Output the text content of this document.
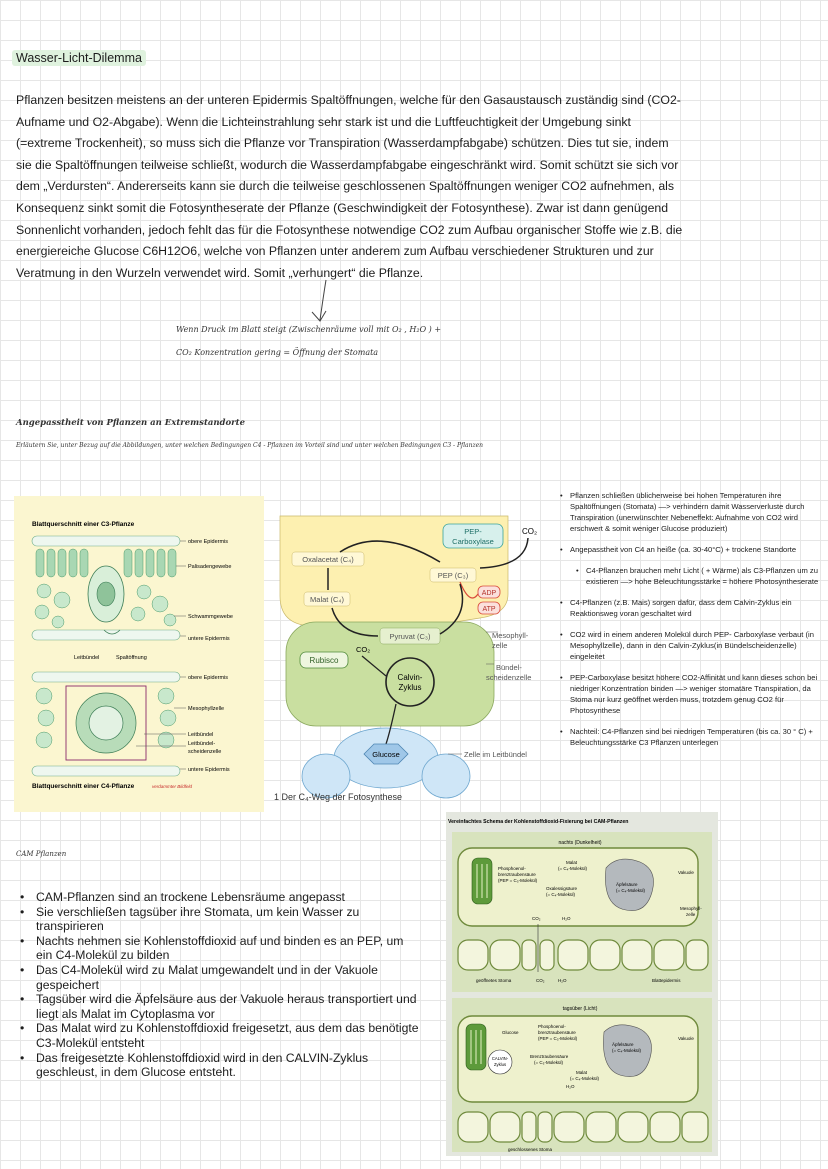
Wasser-Licht-Dilemma
Pflanzen besitzen meistens an der unteren Epidermis Spaltöffnungen, welche für den Gasaustausch zuständig sind (CO2-Aufname und O2-Abgabe). Wenn die Lichteinstrahlung sehr stark ist und die Luftfeuchtigkeit der Umgebung sinkt (=extreme Trockenheit), so muss sich die Pflanze vor Transpiration (Wasserdampfabgabe) schützen. Dies tut sie, indem sie die Spaltöffnungen teilweise schließt, wodurch die Wasserdampfabgabe eingeschränkt wird. Somit schützt sie sich vor dem „Verdursten“. Andererseits kann sie durch die teilweise geschlossenen Spaltöffnungen weniger CO2 aufnehmen, als Konsequenz sinkt somit die Fotosyntheserate der Pflanze (Geschwindigkeit der Fotosynthese). Zwar ist dann genügend Sonnenlicht vorhanden, jedoch fehlt das für die Fotosynthese notwendige CO2 zum Aufbau organischer Stoffe wie z.B. die energiereiche Glucose C6H12O6, welche von Pflanzen unter anderem zum Aufbau verschiedener Strukturen und zur Veratmung in den Wurzeln verwendet wird. Somit „verhungert“ die Pflanze.
Wenn Druck im Blatt steigt (Zwischenräume voll mit O₂ , H₂O ) +
CO₂ Konzentration gering = Öffnung der Stomata
Angepasstheit von Pflanzen an Extremstandorte
Erläutern Sie, unter Bezug auf die Abbildungen, unter welchen Bedingungen C4 - Pflanzen im Vorteil sind und unter welchen Bedingungen C3 - Pflanzen
Blattquerschnitt einer C3-Pflanze
obere Epidermis
Palisadengewebe
Schwammgewebe
untere Epidermis
Leitbündel	Spaltöffnung
obere Epidermis
Mesophyllzelle
Leitbündel
Leitbündel-
scheidenzelle
untere Epidermis
Blattquerschnitt einer C4-Pflanze	verdammter Bildfeld
PEP-
Carboxylase
CO₂
Oxalacetat (C₄)
PEP (C₃)
ADP
ATP
Malat (C₄)
Pyruvat (C₃)
Rubisco
CO₂
Calvin-
Zyklus
Glucose
Mesophyll-
zelle
Bündel-
scheidenzelle
Zelle im Leitbündel
1 Der C₄-Weg der Fotosynthese
• Pflanzen schließen üblicherweise bei hohen Temperaturen ihre Spaltöffnungen (Stomata) —> verhindern damit Wasserverluste durch Transpiration (unerwünschter Nebeneffekt: Aufnahme von CO2 wird erschwert & somit weniger Glucose produziert)
• Angepasstheit von C4 an heiße (ca. 30-40°C) + trockene Standorte
• C4-Pflanzen brauchen mehr Licht ( + Wärme) als C3-Pflanzen um zu existieren —> hohe Beleuchtungsstärke = höhere Photosyntheserate
• C4-Pflanzen (z.B. Mais) sorgen dafür, dass dem Calvin-Zyklus ein Reaktionsweg voran geschaltet wird
• CO2 wird in einem anderen Molekül durch PEP- Carboxylase verbaut (in Mesophyllzelle), dann in den Calvin-Zyklus(in Bündelscheidenzelle) eingeleitet
• PEP-Carboxylase besitzt höhere CO2-Affinität und kann dieses schon bei niedriger Konzentration binden —> weniger stomatäre Transpiration, da Stoma nur kurz geöffnet werden muss, trotzdem genug CO2 für Photosynthese
• Nachteil: C4-Pflanzen sind bei niedrigen Temperaturen (bis ca. 30 ° C) + Beleuchtungsstärke C3 Pflanzen unterlegen
CAM Pflanzen
• CAM-Pflanzen sind an trockene Lebensräume angepasst
• Sie verschließen tagsüber ihre Stomata, um kein Wasser zu transpirieren
• Nachts nehmen sie Kohlenstoffdioxid auf und binden es an PEP, um ein C4-Molekül zu bilden
• Das C4-Molekül wird zu Malat umgewandelt und in der Vakuole gespeichert
• Tagsüber wird die Äpfelsäure aus der Vakuole heraus transportiert und liegt als Malat im Cytoplasma vor
• Das Malat wird zu Kohlenstoffdioxid freigesetzt, aus dem das benötigte C3-Molekül entsteht
• Das freigesetzte Kohlenstoffdioxid wird in den CALVIN-Zyklus geschleust, in dem Glucose entsteht.
Vereinfachtes Schema der Kohlenstoffdioxid-Fixierung bei CAM-Pflanzen
nachts (Dunkelheit)
Phosphoenol-
brenztraubensäure
(PEP = C₃-Molekül)
Malat
(= C₄-Molekül)
Oxalessigsäure
(= C₄-Molekül)
Äpfelsäure
(= C₄-Molekül)
Vakuole
Mesophyll-
zelle
CO₂	H₂O
geöffnetes Stoma	CO₂	H₂O	Blattepidermis
tagsüber (Licht)
CALVIN-
Zyklus
Glucose
Phosphoenol-
brenztraubensäure
(PEP = C₃-Molekül)
Äpfelsäure
(= C₄-Molekül)
Vakuole
Brenztraubensäure
(= C₃-Molekül)
Malat
(= C₄-Molekül)
H₂O
geschlossenes Stoma
